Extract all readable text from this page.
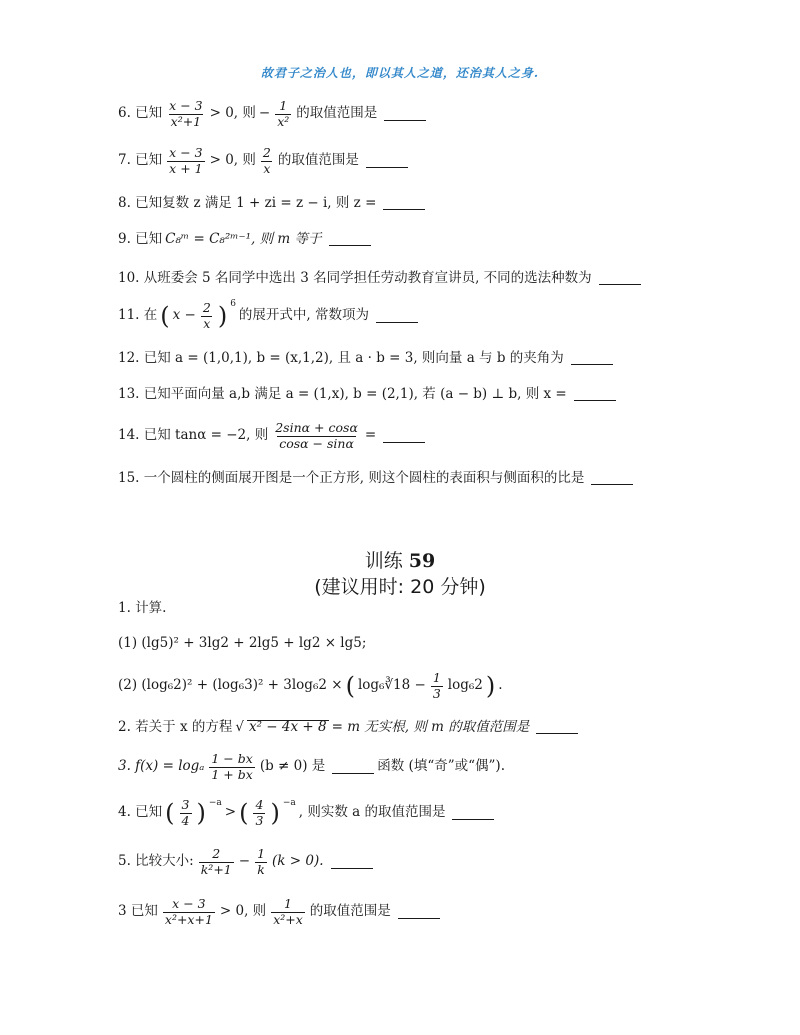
故君子之治人也，即以其人之道，还治其人之身.
6. 已知 $\frac{x - 3}{\text{x²+1}} > 0$, 则 − $\frac{1}{\text{x²}}$ 的取值范围是
7. 已知 $\frac{x - 3}{x + 1} > 0$, 则 $\frac{2}{x}$ 的取值范围是
8. 已知复数 z 满足 1 + zi = z − i, 则 z =
9. 已知 C₈ᵐ = C₈²ᵐ⁻¹, 则 m 等于
10. 从班委会 5 名同学中选出 3 名同学担任劳动教育宣讲员, 不同的选法种数为
11. 在 ( $x - \frac{2}{x}$ ) $^6$
的展开式中, 常数项为
12. 已知 a = (1,0,1), b = (x,1,2), 且 a · b = 3, 则向量 a 与 b 的夹角为
13. 已知平面向量 a,b 满足 a = (1,x), b = (2,1), 若 (a − b) ⊥ b, 则 x =
14. 已知 tanα = −2, 则 $\frac{2\sin\alpha + \cos\alpha}{\cos\alpha - \sin\alpha}$ =
15. 一个圆柱的侧面展开图是一个正方形, 则这个圆柱的表面积与侧面积的比是
训练 59
(建议用时: 20 分钟)
1. 计算.
(1) (lg5)² + 3lg2 + 2lg5 + lg2 × lg5;
(2) (log₆2)² + (log₆3)² + 3log₆2 × ( log₆∛18 − $\frac{1}{3} \log_62$ ) .
2. 若关于 x 的方程 √ x² − 4x + 8 = m 无实根, 则 m 的取值范围是
3. f(x) = logₐ $\frac{1 - bx}{1 + bx} (b \ne 0)$ 是	函数 (填“奇”或“偶”).
4. 已知 ( $\frac{3}{4}$ ) $^{-a}$
> ( $\frac{4}{3}$ ) $^{-a}$
, 则实数 a 的取值范围是
5. 比较大小: $\frac{2}{\text{k²+1}} - \frac{1}{k} (k > 0)$.
3 已知 $\frac{x - 3}{\text{x²+x+1}} > 0$, 则 $\frac{1}{\text{x²+x}}$ 的取值范围是
